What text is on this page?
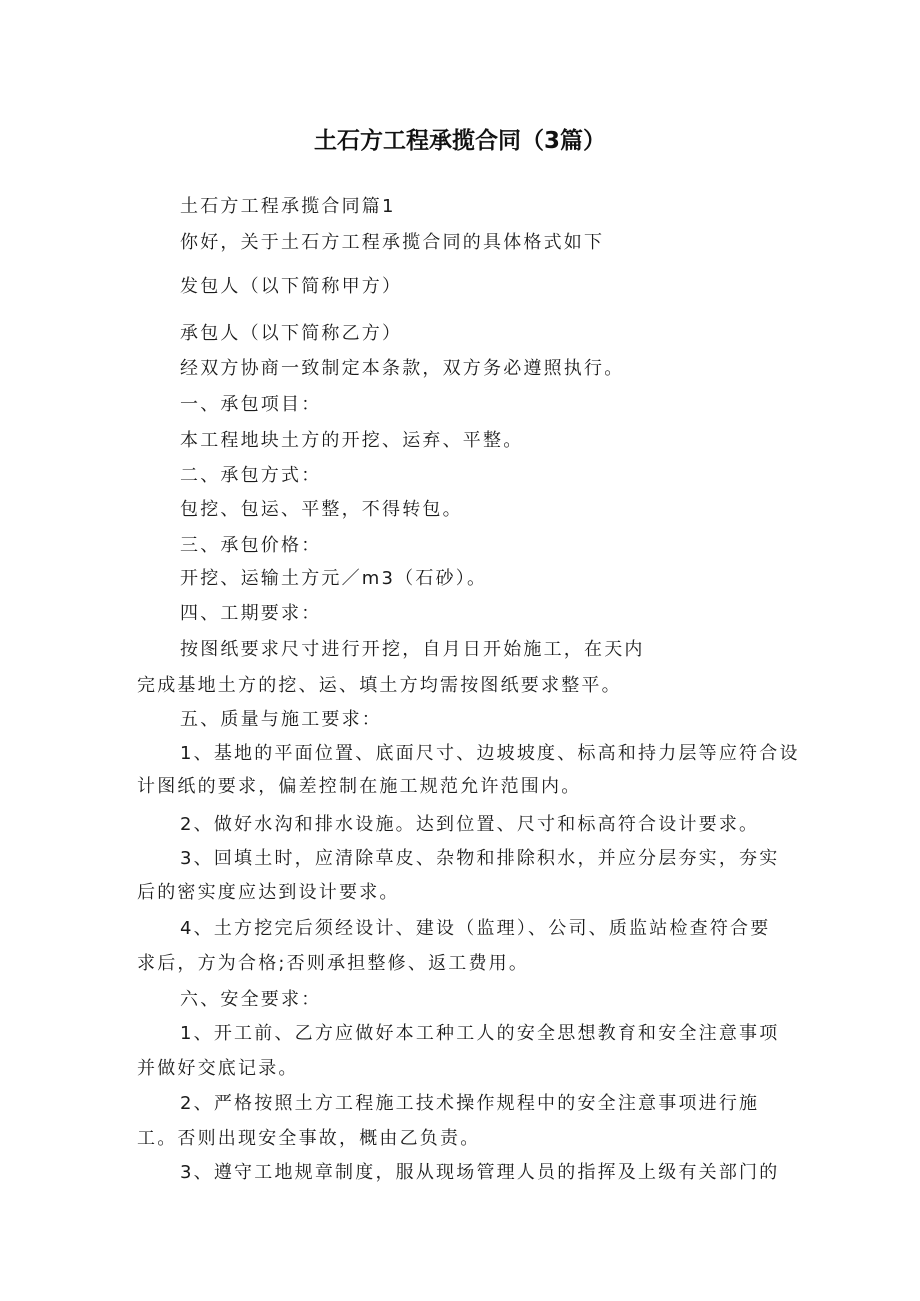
土石方工程承揽合同（3篇）
土石方工程承揽合同篇1
你好，关于土石方工程承揽合同的具体格式如下
发包人（以下简称甲方）
承包人（以下简称乙方）
经双方协商一致制定本条款，双方务必遵照执行。
一、承包项目：
本工程地块土方的开挖、运弃、平整。
二、承包方式：
包挖、包运、平整，不得转包。
三、承包价格：
开挖、运输土方元／m3（石砂）。
四、工期要求：
按图纸要求尺寸进行开挖，自月日开始施工，在天内
完成基地土方的挖、运、填土方均需按图纸要求整平。
五、质量与施工要求：
1、基地的平面位置、底面尺寸、边坡坡度、标高和持力层等应符合设
计图纸的要求，偏差控制在施工规范允许范围内。
2、做好水沟和排水设施。达到位置、尺寸和标高符合设计要求。
3、回填土时，应清除草皮、杂物和排除积水，并应分层夯实，夯实
后的密实度应达到设计要求。
4、土方挖完后须经设计、建设（监理）、公司、质监站检查符合要
求后，方为合格;否则承担整修、返工费用。
六、安全要求：
1、开工前、乙方应做好本工种工人的安全思想教育和安全注意事项
并做好交底记录。
2、严格按照土方工程施工技术操作规程中的安全注意事项进行施
工。否则出现安全事故，概由乙负责。
3、遵守工地规章制度，服从现场管理人员的指挥及上级有关部门的
